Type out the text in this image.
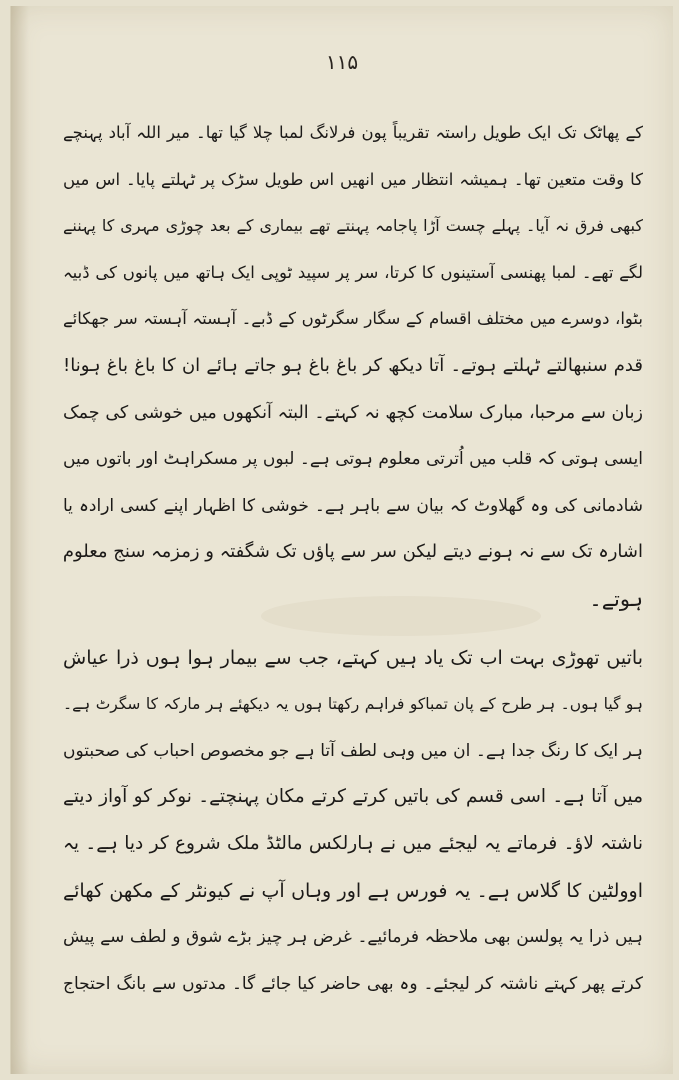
۱۱۵
کے پھاٹک تک ایک طویل راستہ تقریباً پون فرلانگ لمبا چلا گیا تھا۔ میر اللہ آباد پہنچے
کا وقت متعین تھا۔ ہمیشہ انتظار میں انھیں اس طویل سڑک پر ٹہلتے پایا۔ اس میں
کبھی فرق نہ آیا۔ پہلے چست آڑا پاجامہ پہنتے تھے بیماری کے بعد چوڑی مہری کا پہننے
لگے تھے۔ لمبا پھنسی آستینوں کا کرتا، سر پر سپید ٹوپی ایک ہاتھ میں پانوں کی ڈبیہ
بٹوا، دوسرے میں مختلف اقسام کے سگار سگرٹوں کے ڈبے۔ آہستہ آہستہ سر جھکائے
قدم سنبھالتے ٹہلتے ہوتے۔ آتا دیکھ کر باغ باغ ہو جاتے ہائے ان کا باغ باغ ہونا!
زبان سے مرحبا، مبارک سلامت کچھ نہ کہتے۔ البتہ آنکھوں میں خوشی کی چمک
ایسی ہوتی کہ قلب میں اُترتی معلوم ہوتی ہے۔ لبوں پر مسکراہٹ اور باتوں میں
شادمانی کی وہ گھلاوٹ کہ بیان سے باہر ہے۔ خوشی کا اظہار اپنے کسی ارادہ یا
اشارہ تک سے نہ ہونے دیتے لیکن سر سے پاؤں تک شگفتہ و زمزمہ سنج معلوم
ہوتے۔
باتیں تھوڑی بہت اب تک یاد ہیں کہتے، جب سے بیمار ہوا ہوں ذرا عیاش
ہو گیا ہوں۔ ہر طرح کے پان تمباکو فراہم رکھتا ہوں یہ دیکھئے ہر مارکہ کا سگرٹ ہے۔
ہر ایک کا رنگ جدا ہے۔ ان میں وہی لطف آتا ہے جو مخصوص احباب کی صحبتوں
میں آتا ہے۔ اسی قسم کی باتیں کرتے کرتے مکان پہنچتے۔ نوکر کو آواز دیتے
ناشتہ لاؤ۔ فرماتے یہ لیجئے میں نے ہارلکس مالٹڈ ملک شروع کر دیا ہے۔ یہ
اوولٹین کا گلاس ہے۔ یہ فورس ہے اور وہاں آپ نے کیونٹر کے مکھن کھائے
ہیں ذرا یہ پولسن بھی ملاحظہ فرمائیے۔ غرض ہر چیز بڑے شوق و لطف سے پیش
کرتے پھر کہتے ناشتہ کر لیجئے۔ وہ بھی حاضر کیا جائے گا۔ مدتوں سے بانگ احتجاج
